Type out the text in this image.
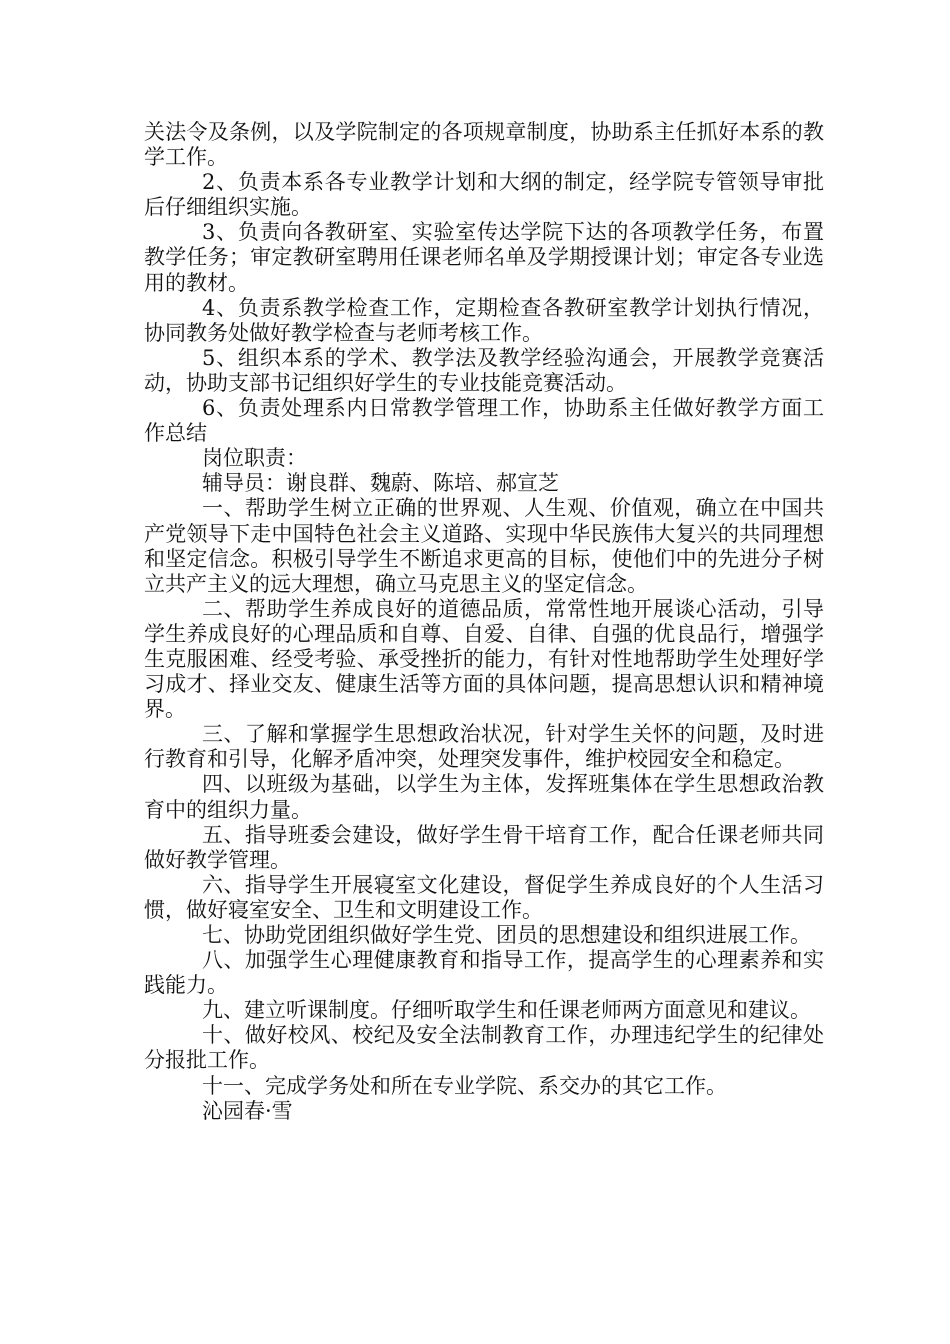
关法令及条例，以及学院制定的各项规章制度，协助系主任抓好本系的教学工作。

2、负责本系各专业教学计划和大纲的制定，经学院专管领导审批后仔细组织实施。

3、负责向各教研室、实验室传达学院下达的各项教学任务，布置教学任务；审定教研室聘用任课老师名单及学期授课计划；审定各专业选用的教材。

4、负责系教学检查工作，定期检查各教研室教学计划执行情况，协同教务处做好教学检查与老师考核工作。

5、组织本系的学术、教学法及教学经验沟通会，开展教学竞赛活动，协助支部书记组织好学生的专业技能竞赛活动。

6、负责处理系内日常教学管理工作，协助系主任做好教学方面工作总结

岗位职责：

辅导员：谢良群、魏蔚、陈培、郝宣芝

一、帮助学生树立正确的世界观、人生观、价值观，确立在中国共产党领导下走中国特色社会主义道路、实现中华民族伟大复兴的共同理想和坚定信念。积极引导学生不断追求更高的目标，使他们中的先进分子树立共产主义的远大理想，确立马克思主义的坚定信念。

二、帮助学生养成良好的道德品质，常常性地开展谈心活动，引导学生养成良好的心理品质和自尊、自爱、自律、自强的优良品行，增强学生克服困难、经受考验、承受挫折的能力，有针对性地帮助学生处理好学习成才、择业交友、健康生活等方面的具体问题，提高思想认识和精神境界。

三、了解和掌握学生思想政治状况，针对学生关怀的问题，及时进行教育和引导，化解矛盾冲突，处理突发事件，维护校园安全和稳定。

四、以班级为基础，以学生为主体，发挥班集体在学生思想政治教育中的组织力量。

五、指导班委会建设，做好学生骨干培育工作，配合任课老师共同做好教学管理。

六、指导学生开展寝室文化建设，督促学生养成良好的个人生活习惯，做好寝室安全、卫生和文明建设工作。

七、协助党团组织做好学生党、团员的思想建设和组织进展工作。

八、加强学生心理健康教育和指导工作，提高学生的心理素养和实践能力。

九、建立听课制度。仔细听取学生和任课老师两方面意见和建议。

十、做好校风、校纪及安全法制教育工作，办理违纪学生的纪律处分报批工作。

十一、完成学务处和所在专业学院、系交办的其它工作。

沁园春·雪
